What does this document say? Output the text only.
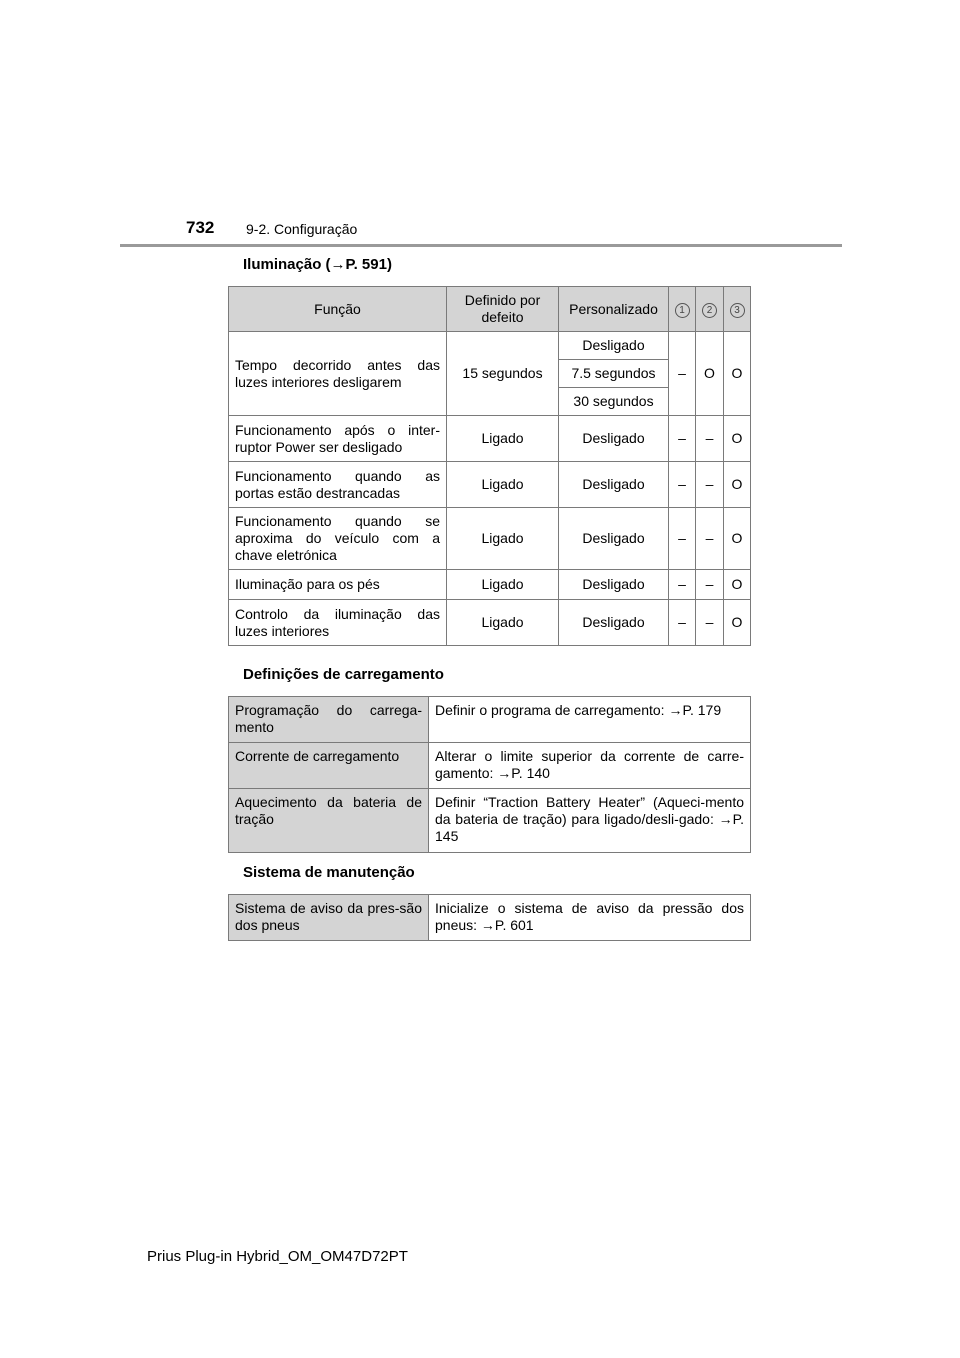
732 9-2. Configuração
Iluminação (→P. 591)
Função	Definido por defeito	Personalizado	1	2	3
Tempo decorrido antes das luzes interiores desligarem	15 segundos	Desligado	–	O	O
		7.5 segundos			
		30 segundos			
Funcionamento após o inter-ruptor Power ser desligado	Ligado	Desligado	–	–	O
Funcionamento quando as portas estão destrancadas	Ligado	Desligado	–	–	O
Funcionamento quando se aproxima do veículo com a chave eletrónica	Ligado	Desligado	–	–	O
Iluminação para os pés	Ligado	Desligado	–	–	O
Controlo da iluminação das luzes interiores	Ligado	Desligado	–	–	O
Definições de carregamento
Programação do carrega-mento	Definir o programa de carregamento: →P. 179
Corrente de carregamento	Alterar o limite superior da corrente de carre-gamento: →P. 140
Aquecimento da bateria de tração	Definir “Traction Battery Heater” (Aqueci-mento da bateria de tração) para ligado/desli-gado: →P. 145
Sistema de manutenção
Sistema de aviso da pres-são dos pneus	Inicialize o sistema de aviso da pressão dos pneus: →P. 601
Prius Plug-in Hybrid_OM_OM47D72PT
